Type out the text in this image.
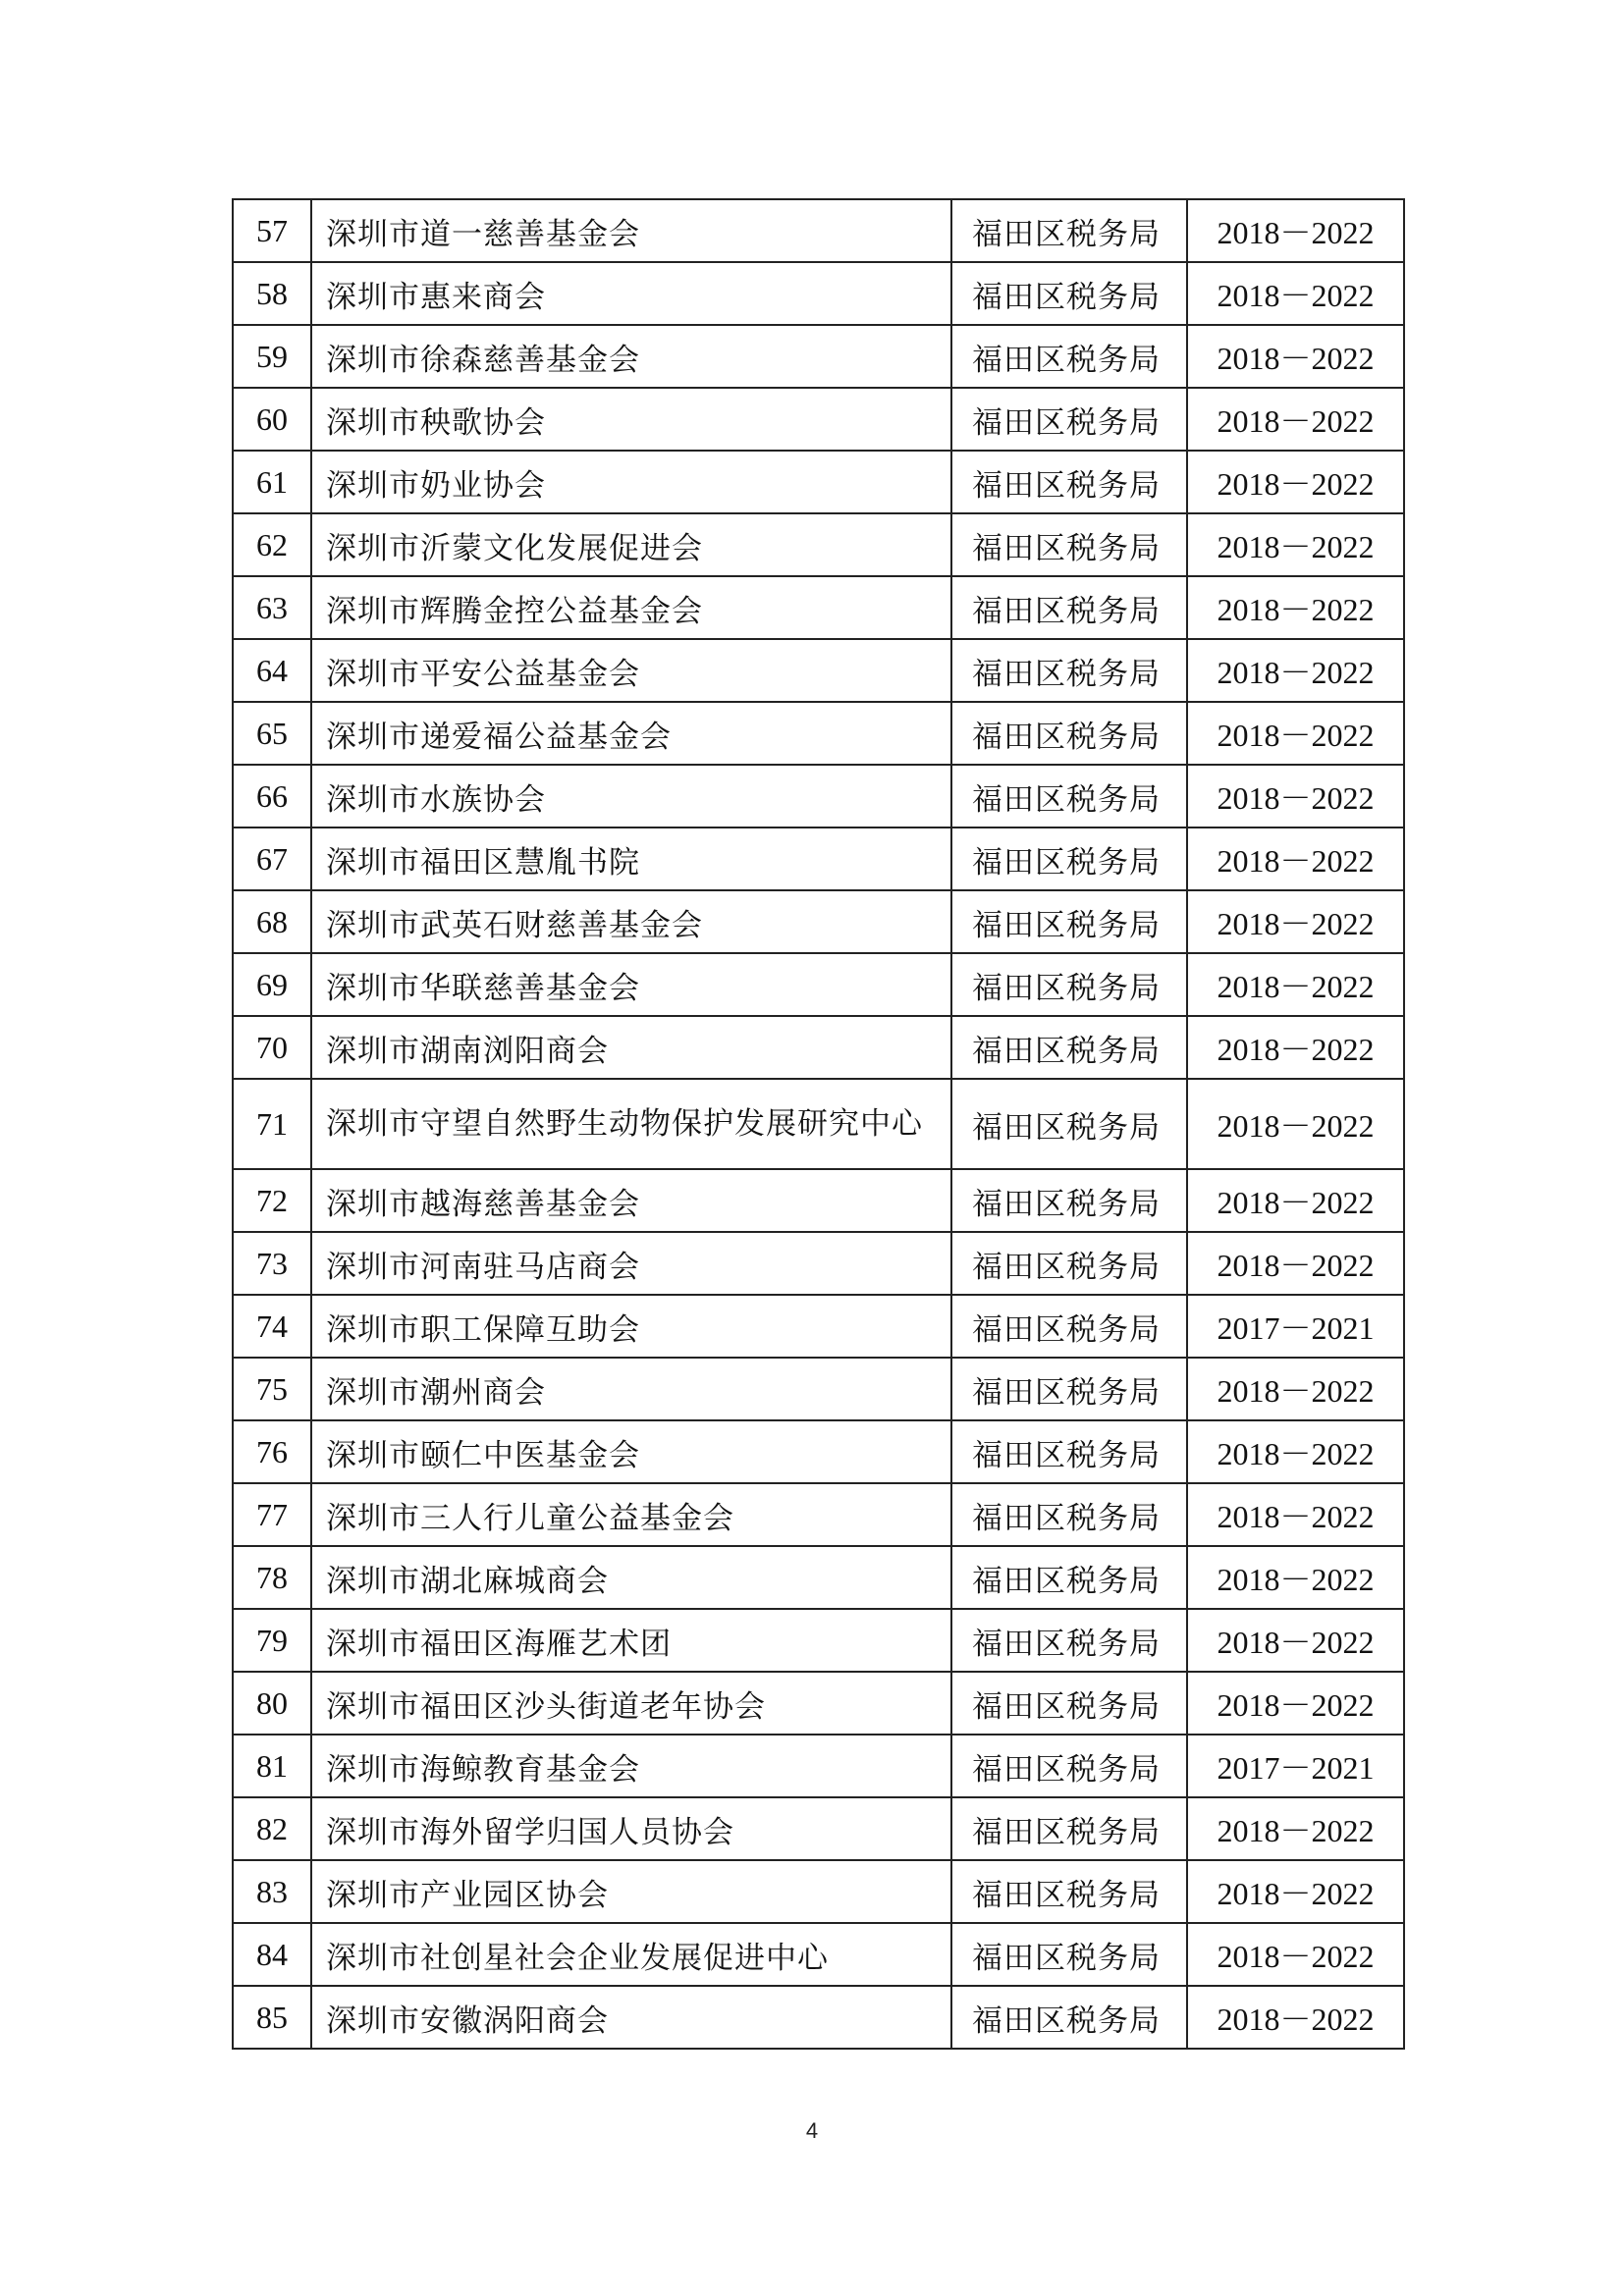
57	深圳市道一慈善基金会	福田区税务局	2018－2022
58	深圳市惠来商会	福田区税务局	2018－2022
59	深圳市徐森慈善基金会	福田区税务局	2018－2022
60	深圳市秧歌协会	福田区税务局	2018－2022
61	深圳市奶业协会	福田区税务局	2018－2022
62	深圳市沂蒙文化发展促进会	福田区税务局	2018－2022
63	深圳市辉腾金控公益基金会	福田区税务局	2018－2022
64	深圳市平安公益基金会	福田区税务局	2018－2022
65	深圳市递爱福公益基金会	福田区税务局	2018－2022
66	深圳市水族协会	福田区税务局	2018－2022
67	深圳市福田区慧胤书院	福田区税务局	2018－2022
68	深圳市武英石财慈善基金会	福田区税务局	2018－2022
69	深圳市华联慈善基金会	福田区税务局	2018－2022
70	深圳市湖南浏阳商会	福田区税务局	2018－2022
71	深圳市守望自然野生动物保护发展研究中心	福田区税务局	2018－2022
72	深圳市越海慈善基金会	福田区税务局	2018－2022
73	深圳市河南驻马店商会	福田区税务局	2018－2022
74	深圳市职工保障互助会	福田区税务局	2017－2021
75	深圳市潮州商会	福田区税务局	2018－2022
76	深圳市颐仁中医基金会	福田区税务局	2018－2022
77	深圳市三人行儿童公益基金会	福田区税务局	2018－2022
78	深圳市湖北麻城商会	福田区税务局	2018－2022
79	深圳市福田区海雁艺术团	福田区税务局	2018－2022
80	深圳市福田区沙头街道老年协会	福田区税务局	2018－2022
81	深圳市海鲸教育基金会	福田区税务局	2017－2021
82	深圳市海外留学归国人员协会	福田区税务局	2018－2022
83	深圳市产业园区协会	福田区税务局	2018－2022
84	深圳市社创星社会企业发展促进中心	福田区税务局	2018－2022
85	深圳市安徽涡阳商会	福田区税务局	2018－2022
4
